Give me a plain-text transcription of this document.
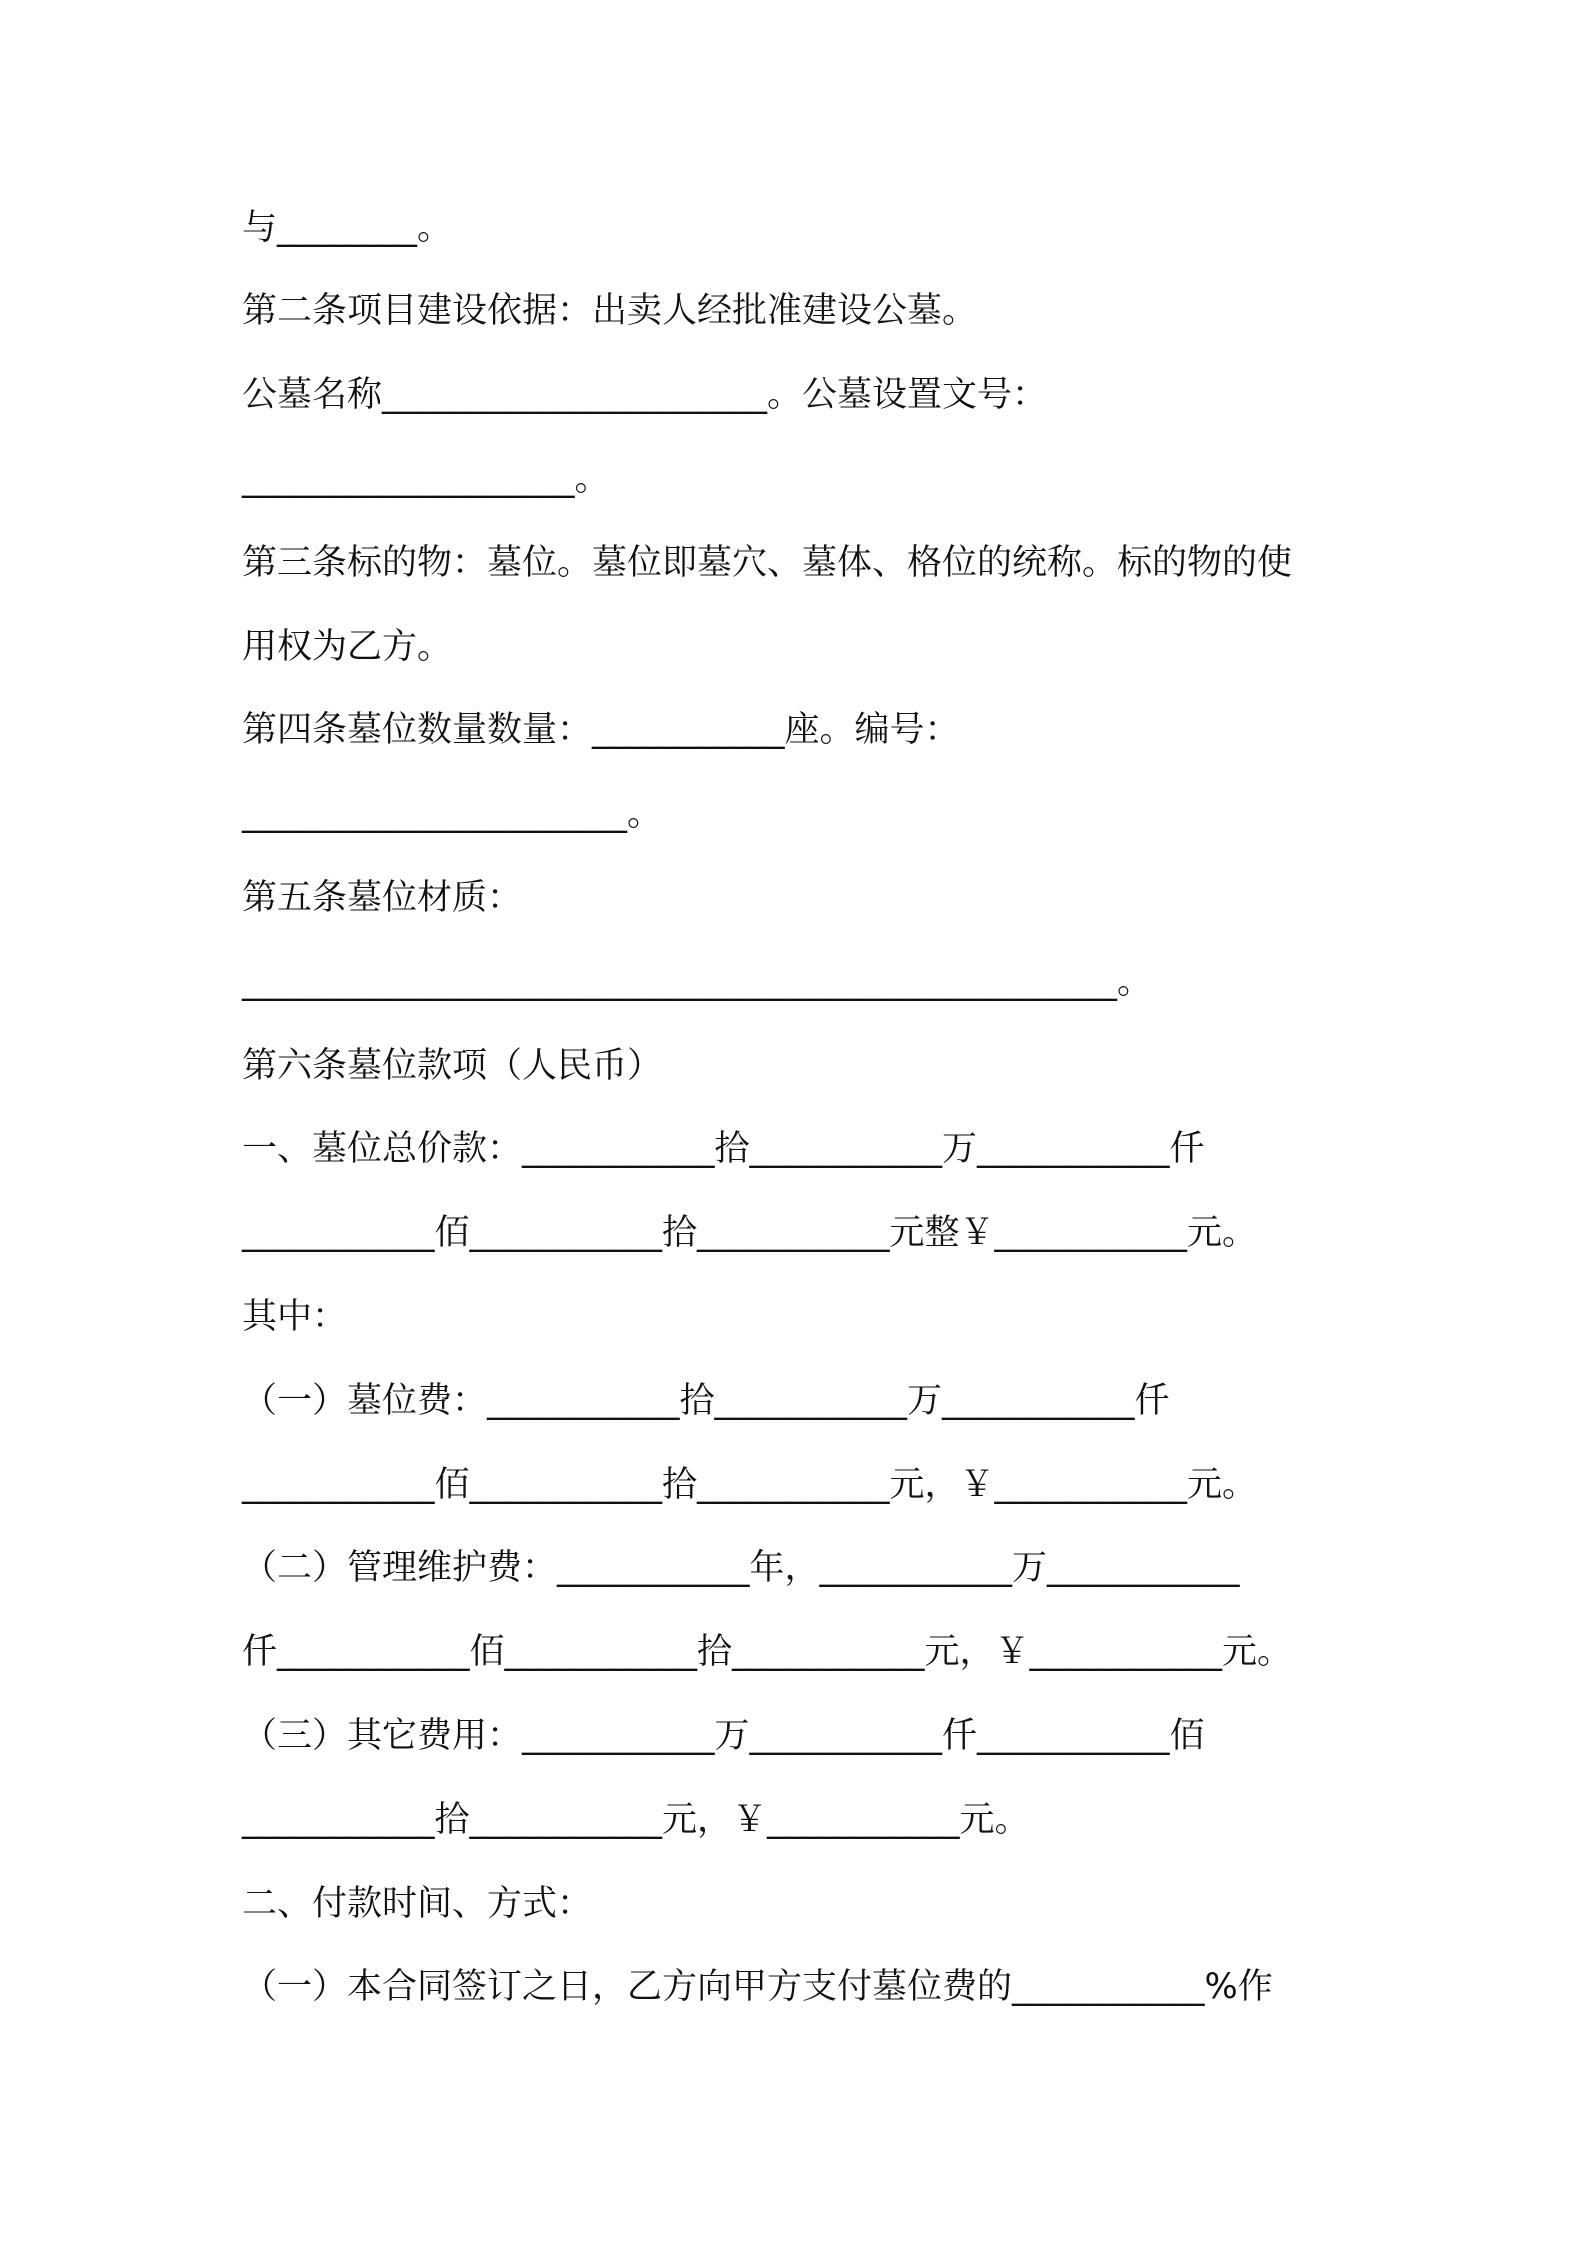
与________。

第二条项目建设依据：出卖人经批准建设公墓。

公墓名称______________________。公墓设置文号：

___________________。

第三条标的物：墓位。墓位即墓穴、墓体、格位的统称。标的物的使

用权为乙方。

第四条墓位数量数量：___________座。编号：

______________________。

第五条墓位材质：

__________________________________________________。

第六条墓位款项（人民币）

一、墓位总价款：___________拾___________万___________仟

___________佰___________拾___________元整￥___________元。

其中：

（一）墓位费：___________拾___________万___________仟

___________佰___________拾___________元，￥___________元。

（二）管理维护费：___________年，___________万___________

仟___________佰___________拾___________元，￥___________元。

（三）其它费用：___________万___________仟___________佰

___________拾___________元，￥___________元。

二、付款时间、方式：

（一）本合同签订之日，乙方向甲方支付墓位费的___________%作
